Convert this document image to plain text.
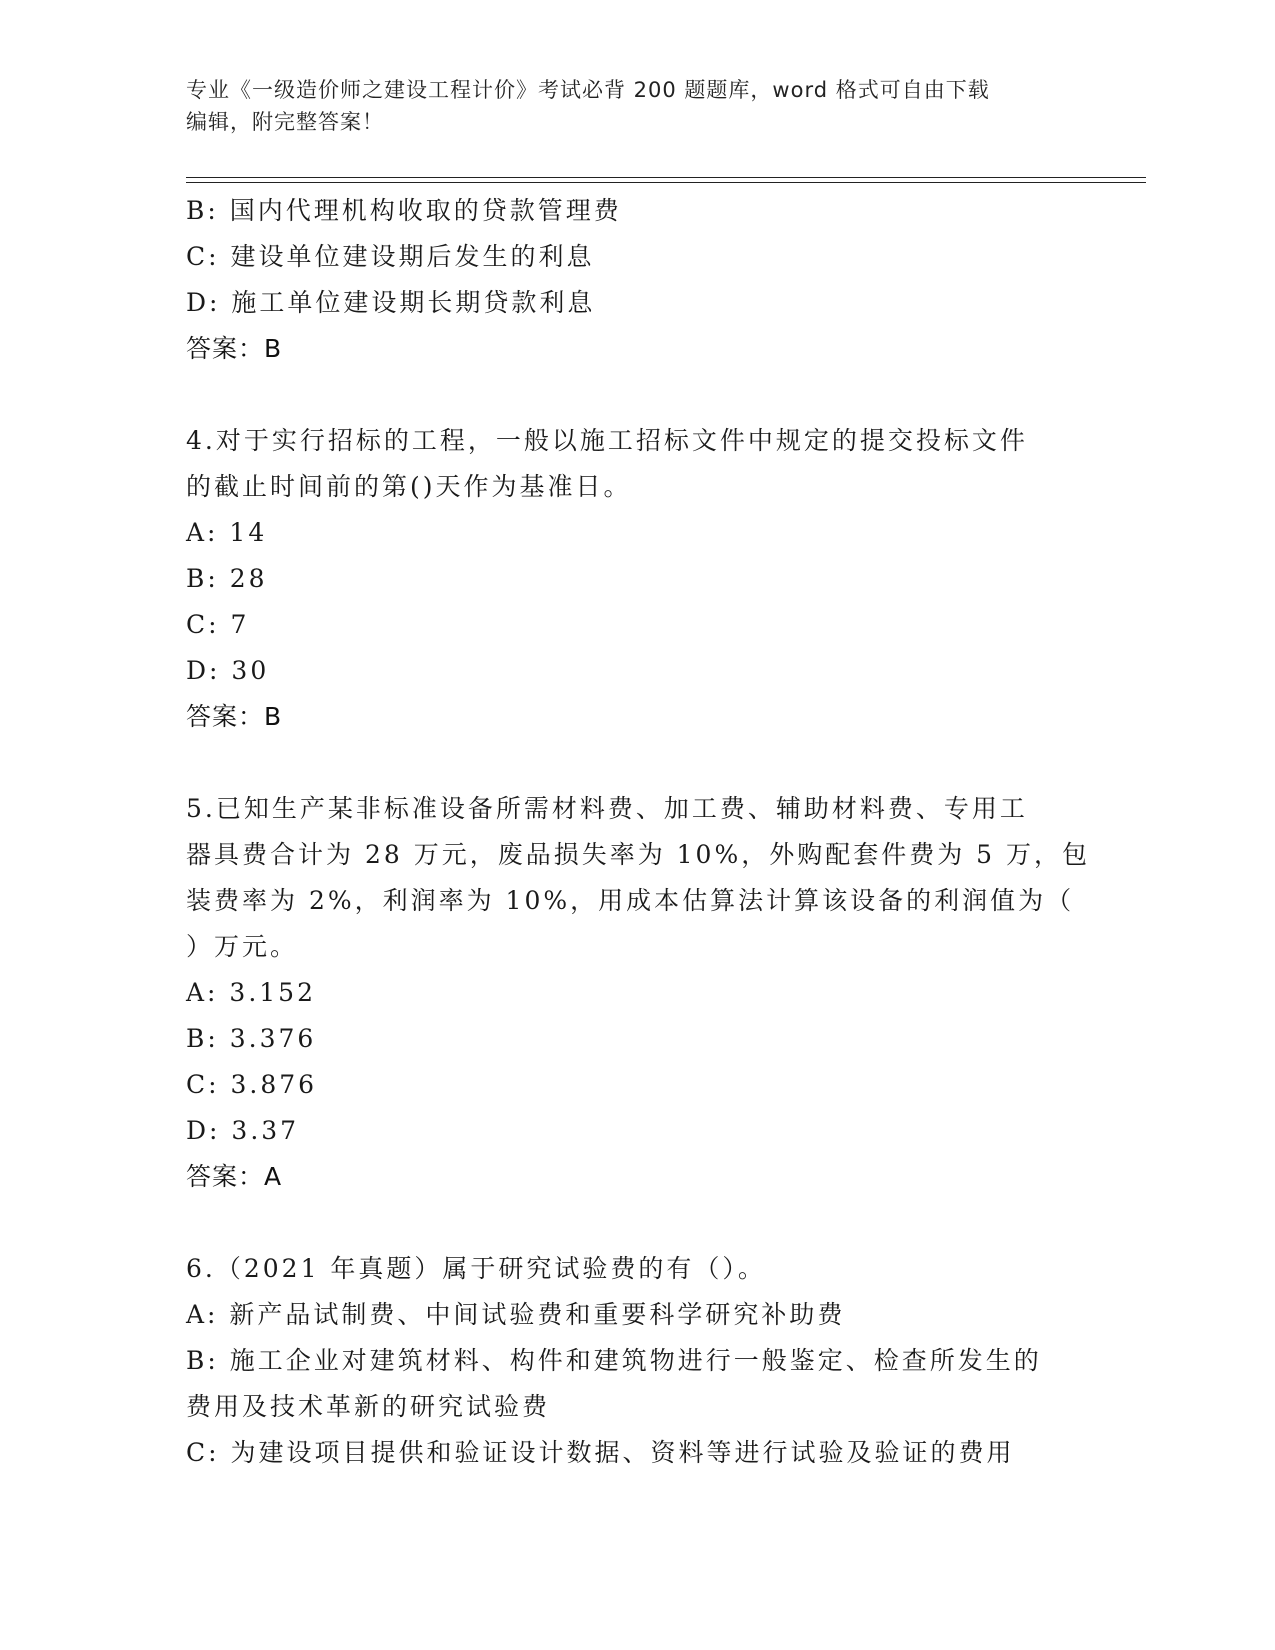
专业《一级造价师之建设工程计价》考试必背 200 题题库，word 格式可自由下载
编辑，附完整答案！
B: 国内代理机构收取的贷款管理费
C: 建设单位建设期后发生的利息
D: 施工单位建设期长期贷款利息
答案：B
4.对于实行招标的工程，一般以施工招标文件中规定的提交投标文件
的截止时间前的第()天作为基准日。
A: 14
B: 28
C: 7
D: 30
答案：B
5.已知生产某非标准设备所需材料费、加工费、辅助材料费、专用工
器具费合计为 28 万元，废品损失率为 10%，外购配套件费为 5 万，包
装费率为 2%，利润率为 10%，用成本估算法计算该设备的利润值为（
）万元。
A: 3.152
B: 3.376
C: 3.876
D: 3.37
答案：A
6.（2021 年真题）属于研究试验费的有（）。
A: 新产品试制费、中间试验费和重要科学研究补助费
B: 施工企业对建筑材料、构件和建筑物进行一般鉴定、检查所发生的
费用及技术革新的研究试验费
C: 为建设项目提供和验证设计数据、资料等进行试验及验证的费用
